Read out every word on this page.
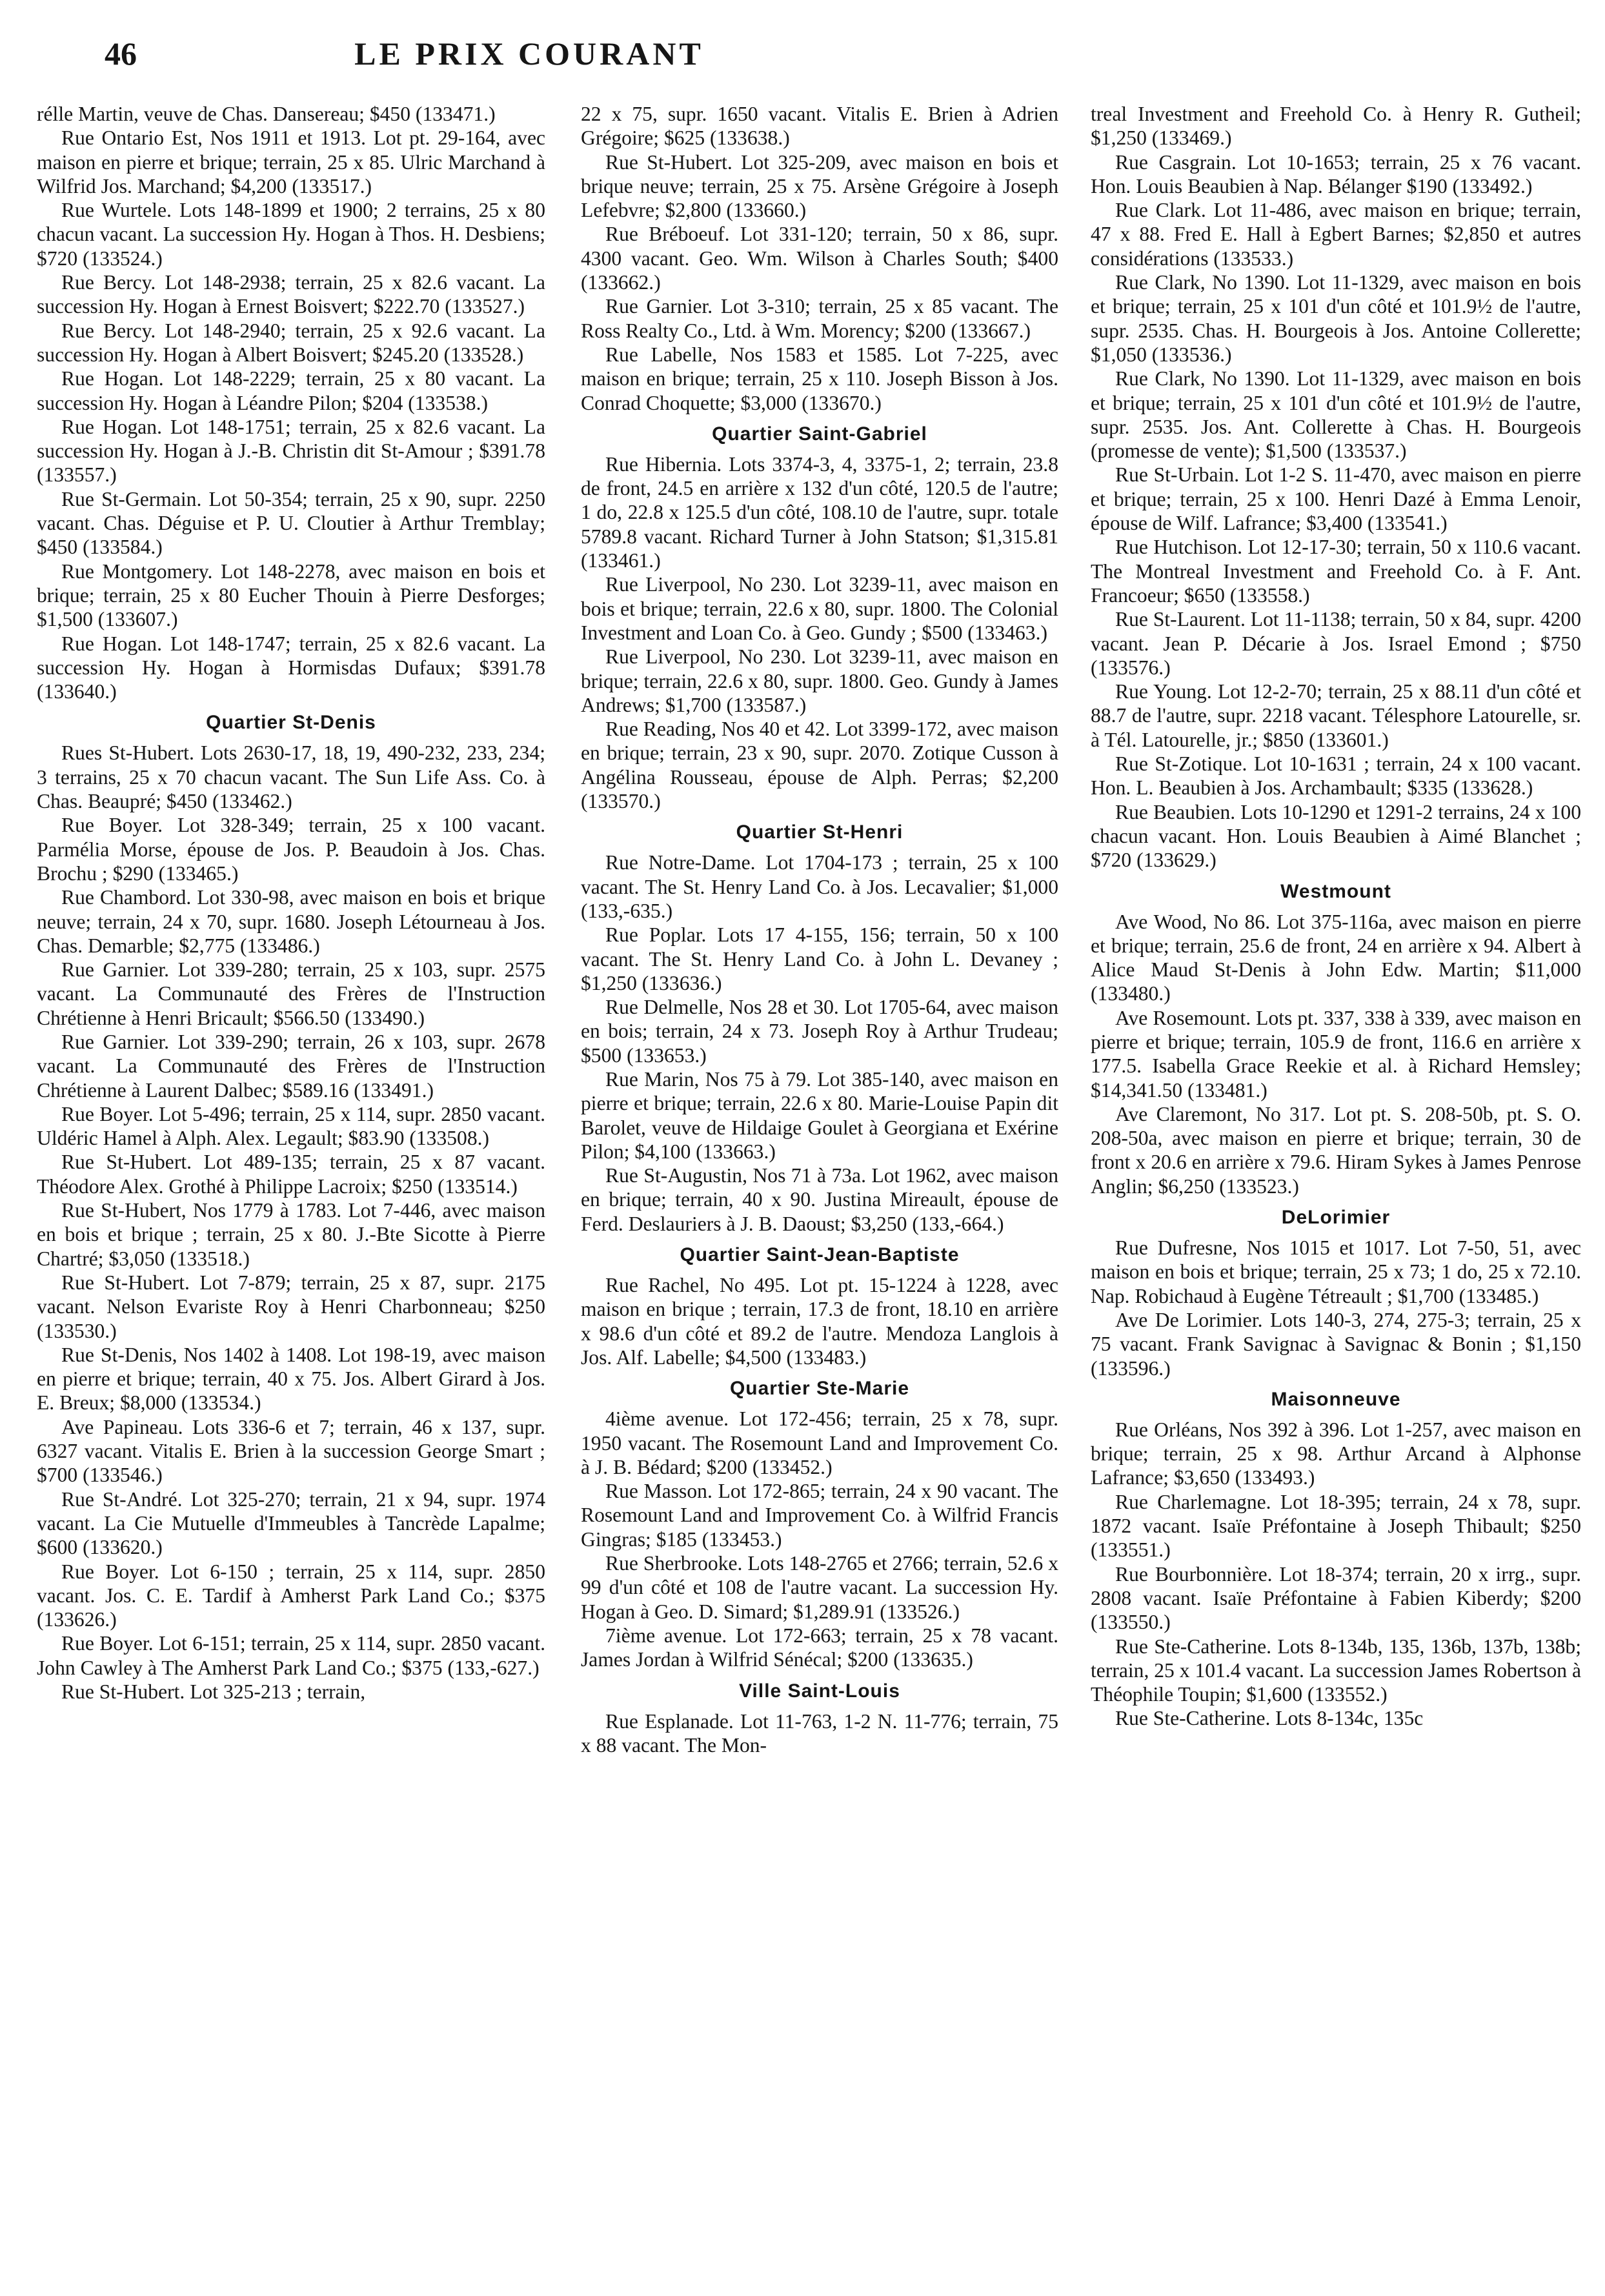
46	LE PRIX COURANT

rélle Martin, veuve de Chas. Dansereau; $450 (133471.)

Rue Ontario Est, Nos 1911 et 1913. Lot pt. 29-164, avec maison en pierre et brique; terrain, 25 x 85. Ulric Marchand à Wilfrid Jos. Marchand; $4,200 (133517.)

Rue Wurtele. Lots 148-1899 et 1900; 2 terrains, 25 x 80 chacun vacant. La succession Hy. Hogan à Thos. H. Desbiens; $720 (133524.)

Rue Bercy. Lot 148-2938; terrain, 25 x 82.6 vacant. La succession Hy. Hogan à Ernest Boisvert; $222.70 (133527.)

Rue Bercy. Lot 148-2940; terrain, 25 x 92.6 vacant. La succession Hy. Hogan à Albert Boisvert; $245.20 (133528.)

Rue Hogan. Lot 148-2229; terrain, 25 x 80 vacant. La succession Hy. Hogan à Léandre Pilon; $204 (133538.)

Rue Hogan. Lot 148-1751; terrain, 25 x 82.6 vacant. La succession Hy. Hogan à J.-B. Christin dit St-Amour ; $391.78 (133557.)

Rue St-Germain. Lot 50-354; terrain, 25 x 90, supr. 2250 vacant. Chas. Déguise et P. U. Cloutier à Arthur Tremblay; $450 (133584.)

Rue Montgomery. Lot 148-2278, avec maison en bois et brique; terrain, 25 x 80 Eucher Thouin à Pierre Desforges; $1,500 (133607.)

Rue Hogan. Lot 148-1747; terrain, 25 x 82.6 vacant. La succession Hy. Hogan à Hormisdas Dufaux; $391.78 (133640.)

Quartier St-Denis

Rues St-Hubert. Lots 2630-17, 18, 19, 490-232, 233, 234; 3 terrains, 25 x 70 chacun vacant. The Sun Life Ass. Co. à Chas. Beaupré; $450 (133462.)

Rue Boyer. Lot 328-349; terrain, 25 x 100 vacant. Parmélia Morse, épouse de Jos. P. Beaudoin à Jos. Chas. Brochu ; $290 (133465.)

Rue Chambord. Lot 330-98, avec maison en bois et brique neuve; terrain, 24 x 70, supr. 1680. Joseph Létourneau à Jos. Chas. Demarble; $2,775 (133486.)

Rue Garnier. Lot 339-280; terrain, 25 x 103, supr. 2575 vacant. La Communauté des Frères de l'Instruction Chrétienne à Henri Bricault; $566.50 (133490.)

Rue Garnier. Lot 339-290; terrain, 26 x 103, supr. 2678 vacant. La Communauté des Frères de l'Instruction Chrétienne à Laurent Dalbec; $589.16 (133491.)

Rue Boyer. Lot 5-496; terrain, 25 x 114, supr. 2850 vacant. Uldéric Hamel à Alph. Alex. Legault; $83.90 (133508.)

Rue St-Hubert. Lot 489-135; terrain, 25 x 87 vacant. Théodore Alex. Grothé à Philippe Lacroix; $250 (133514.)

Rue St-Hubert, Nos 1779 à 1783. Lot 7-446, avec maison en bois et brique ; terrain, 25 x 80. J.-Bte Sicotte à Pierre Chartré; $3,050 (133518.)

Rue St-Hubert. Lot 7-879; terrain, 25 x 87, supr. 2175 vacant. Nelson Evariste Roy à Henri Charbonneau; $250 (133530.)

Rue St-Denis, Nos 1402 à 1408. Lot 198-19, avec maison en pierre et brique; terrain, 40 x 75. Jos. Albert Girard à Jos. E. Breux; $8,000 (133534.)

Ave Papineau. Lots 336-6 et 7; terrain, 46 x 137, supr. 6327 vacant. Vitalis E. Brien à la succession George Smart ; $700 (133546.)

Rue St-André. Lot 325-270; terrain, 21 x 94, supr. 1974 vacant. La Cie Mutuelle d'Immeubles à Tancrède Lapalme; $600 (133620.)

Rue Boyer. Lot 6-150 ; terrain, 25 x 114, supr. 2850 vacant. Jos. C. E. Tardif à Amherst Park Land Co.; $375 (133626.)

Rue Boyer. Lot 6-151; terrain, 25 x 114, supr. 2850 vacant. John Cawley à The Amherst Park Land Co.; $375 (133,-627.)

Rue St-Hubert. Lot 325-213 ; terrain,

22 x 75, supr. 1650 vacant. Vitalis E. Brien à Adrien Grégoire; $625 (133638.)

Rue St-Hubert. Lot 325-209, avec maison en bois et brique neuve; terrain, 25 x 75. Arsène Grégoire à Joseph Lefebvre; $2,800 (133660.)

Rue Bréboeuf. Lot 331-120; terrain, 50 x 86, supr. 4300 vacant. Geo. Wm. Wilson à Charles South; $400 (133662.)

Rue Garnier. Lot 3-310; terrain, 25 x 85 vacant. The Ross Realty Co., Ltd. à Wm. Morency; $200 (133667.)

Rue Labelle, Nos 1583 et 1585. Lot 7-225, avec maison en brique; terrain, 25 x 110. Joseph Bisson à Jos. Conrad Choquette; $3,000 (133670.)

Quartier Saint-Gabriel

Rue Hibernia. Lots 3374-3, 4, 3375-1, 2; terrain, 23.8 de front, 24.5 en arrière x 132 d'un côté, 120.5 de l'autre; 1 do, 22.8 x 125.5 d'un côté, 108.10 de l'autre, supr. totale 5789.8 vacant. Richard Turner à John Statson; $1,315.81 (133461.)

Rue Liverpool, No 230. Lot 3239-11, avec maison en bois et brique; terrain, 22.6 x 80, supr. 1800. The Colonial Investment and Loan Co. à Geo. Gundy ; $500 (133463.)

Rue Liverpool, No 230. Lot 3239-11, avec maison en brique; terrain, 22.6 x 80, supr. 1800. Geo. Gundy à James Andrews; $1,700 (133587.)

Rue Reading, Nos 40 et 42. Lot 3399-172, avec maison en brique; terrain, 23 x 90, supr. 2070. Zotique Cusson à Angélina Rousseau, épouse de Alph. Perras; $2,200 (133570.)

Quartier St-Henri

Rue Notre-Dame. Lot 1704-173 ; terrain, 25 x 100 vacant. The St. Henry Land Co. à Jos. Lecavalier; $1,000 (133,-635.)

Rue Poplar. Lots 17 4-155, 156; terrain, 50 x 100 vacant. The St. Henry Land Co. à John L. Devaney ; $1,250 (133636.)

Rue Delmelle, Nos 28 et 30. Lot 1705-64, avec maison en bois; terrain, 24 x 73. Joseph Roy à Arthur Trudeau; $500 (133653.)

Rue Marin, Nos 75 à 79. Lot 385-140, avec maison en pierre et brique; terrain, 22.6 x 80. Marie-Louise Papin dit Barolet, veuve de Hildaige Goulet à Georgiana et Exérine Pilon; $4,100 (133663.)

Rue St-Augustin, Nos 71 à 73a. Lot 1962, avec maison en brique; terrain, 40 x 90. Justina Mireault, épouse de Ferd. Deslauriers à J. B. Daoust; $3,250 (133,-664.)

Quartier Saint-Jean-Baptiste

Rue Rachel, No 495. Lot pt. 15-1224 à 1228, avec maison en brique ; terrain, 17.3 de front, 18.10 en arrière x 98.6 d'un côté et 89.2 de l'autre. Mendoza Langlois à Jos. Alf. Labelle; $4,500 (133483.)

Quartier Ste-Marie

4ième avenue. Lot 172-456; terrain, 25 x 78, supr. 1950 vacant. The Rosemount Land and Improvement Co. à J. B. Bédard; $200 (133452.)

Rue Masson. Lot 172-865; terrain, 24 x 90 vacant. The Rosemount Land and Improvement Co. à Wilfrid Francis Gingras; $185 (133453.)

Rue Sherbrooke. Lots 148-2765 et 2766; terrain, 52.6 x 99 d'un côté et 108 de l'autre vacant. La succession Hy. Hogan à Geo. D. Simard; $1,289.91 (133526.)

7ième avenue. Lot 172-663; terrain, 25 x 78 vacant. James Jordan à Wilfrid Sénécal; $200 (133635.)

Ville Saint-Louis

Rue Esplanade. Lot 11-763, 1-2 N. 11-776; terrain, 75 x 88 vacant. The Mon-

treal Investment and Freehold Co. à Henry R. Gutheil; $1,250 (133469.)

Rue Casgrain. Lot 10-1653; terrain, 25 x 76 vacant. Hon. Louis Beaubien à Nap. Bélanger $190 (133492.)

Rue Clark. Lot 11-486, avec maison en brique; terrain, 47 x 88. Fred E. Hall à Egbert Barnes; $2,850 et autres considérations (133533.)

Rue Clark, No 1390. Lot 11-1329, avec maison en bois et brique; terrain, 25 x 101 d'un côté et 101.9½ de l'autre, supr. 2535. Chas. H. Bourgeois à Jos. Antoine Collerette; $1,050 (133536.)

Rue Clark, No 1390. Lot 11-1329, avec maison en bois et brique; terrain, 25 x 101 d'un côté et 101.9½ de l'autre, supr. 2535. Jos. Ant. Collerette à Chas. H. Bourgeois (promesse de vente); $1,500 (133537.)

Rue St-Urbain. Lot 1-2 S. 11-470, avec maison en pierre et brique; terrain, 25 x 100. Henri Dazé à Emma Lenoir, épouse de Wilf. Lafrance; $3,400 (133541.)

Rue Hutchison. Lot 12-17-30; terrain, 50 x 110.6 vacant. The Montreal Investment and Freehold Co. à F. Ant. Francoeur; $650 (133558.)

Rue St-Laurent. Lot 11-1138; terrain, 50 x 84, supr. 4200 vacant. Jean P. Décarie à Jos. Israel Emond ; $750 (133576.)

Rue Young. Lot 12-2-70; terrain, 25 x 88.11 d'un côté et 88.7 de l'autre, supr. 2218 vacant. Télesphore Latourelle, sr. à Tél. Latourelle, jr.; $850 (133601.)

Rue St-Zotique. Lot 10-1631 ; terrain, 24 x 100 vacant. Hon. L. Beaubien à Jos. Archambault; $335 (133628.)

Rue Beaubien. Lots 10-1290 et 1291-2 terrains, 24 x 100 chacun vacant. Hon. Louis Beaubien à Aimé Blanchet ; $720 (133629.)

Westmount

Ave Wood, No 86. Lot 375-116a, avec maison en pierre et brique; terrain, 25.6 de front, 24 en arrière x 94. Albert à Alice Maud St-Denis à John Edw. Martin; $11,000 (133480.)

Ave Rosemount. Lots pt. 337, 338 à 339, avec maison en pierre et brique; terrain, 105.9 de front, 116.6 en arrière x 177.5. Isabella Grace Reekie et al. à Richard Hemsley; $14,341.50 (133481.)

Ave Claremont, No 317. Lot pt. S. 208-50b, pt. S. O. 208-50a, avec maison en pierre et brique; terrain, 30 de front x 20.6 en arrière x 79.6. Hiram Sykes à James Penrose Anglin; $6,250 (133523.)

DeLorimier

Rue Dufresne, Nos 1015 et 1017. Lot 7-50, 51, avec maison en bois et brique; terrain, 25 x 73; 1 do, 25 x 72.10. Nap. Robichaud à Eugène Tétreault ; $1,700 (133485.)

Ave De Lorimier. Lots 140-3, 274, 275-3; terrain, 25 x 75 vacant. Frank Savignac à Savignac & Bonin ; $1,150 (133596.)

Maisonneuve

Rue Orléans, Nos 392 à 396. Lot 1-257, avec maison en brique; terrain, 25 x 98. Arthur Arcand à Alphonse Lafrance; $3,650 (133493.)

Rue Charlemagne. Lot 18-395; terrain, 24 x 78, supr. 1872 vacant. Isaïe Préfontaine à Joseph Thibault; $250 (133551.)

Rue Bourbonnière. Lot 18-374; terrain, 20 x irrg., supr. 2808 vacant. Isaïe Préfontaine à Fabien Kiberdy; $200 (133550.)

Rue Ste-Catherine. Lots 8-134b, 135, 136b, 137b, 138b; terrain, 25 x 101.4 vacant. La succession James Robertson à Théophile Toupin; $1,600 (133552.)

Rue Ste-Catherine. Lots 8-134c, 135c
